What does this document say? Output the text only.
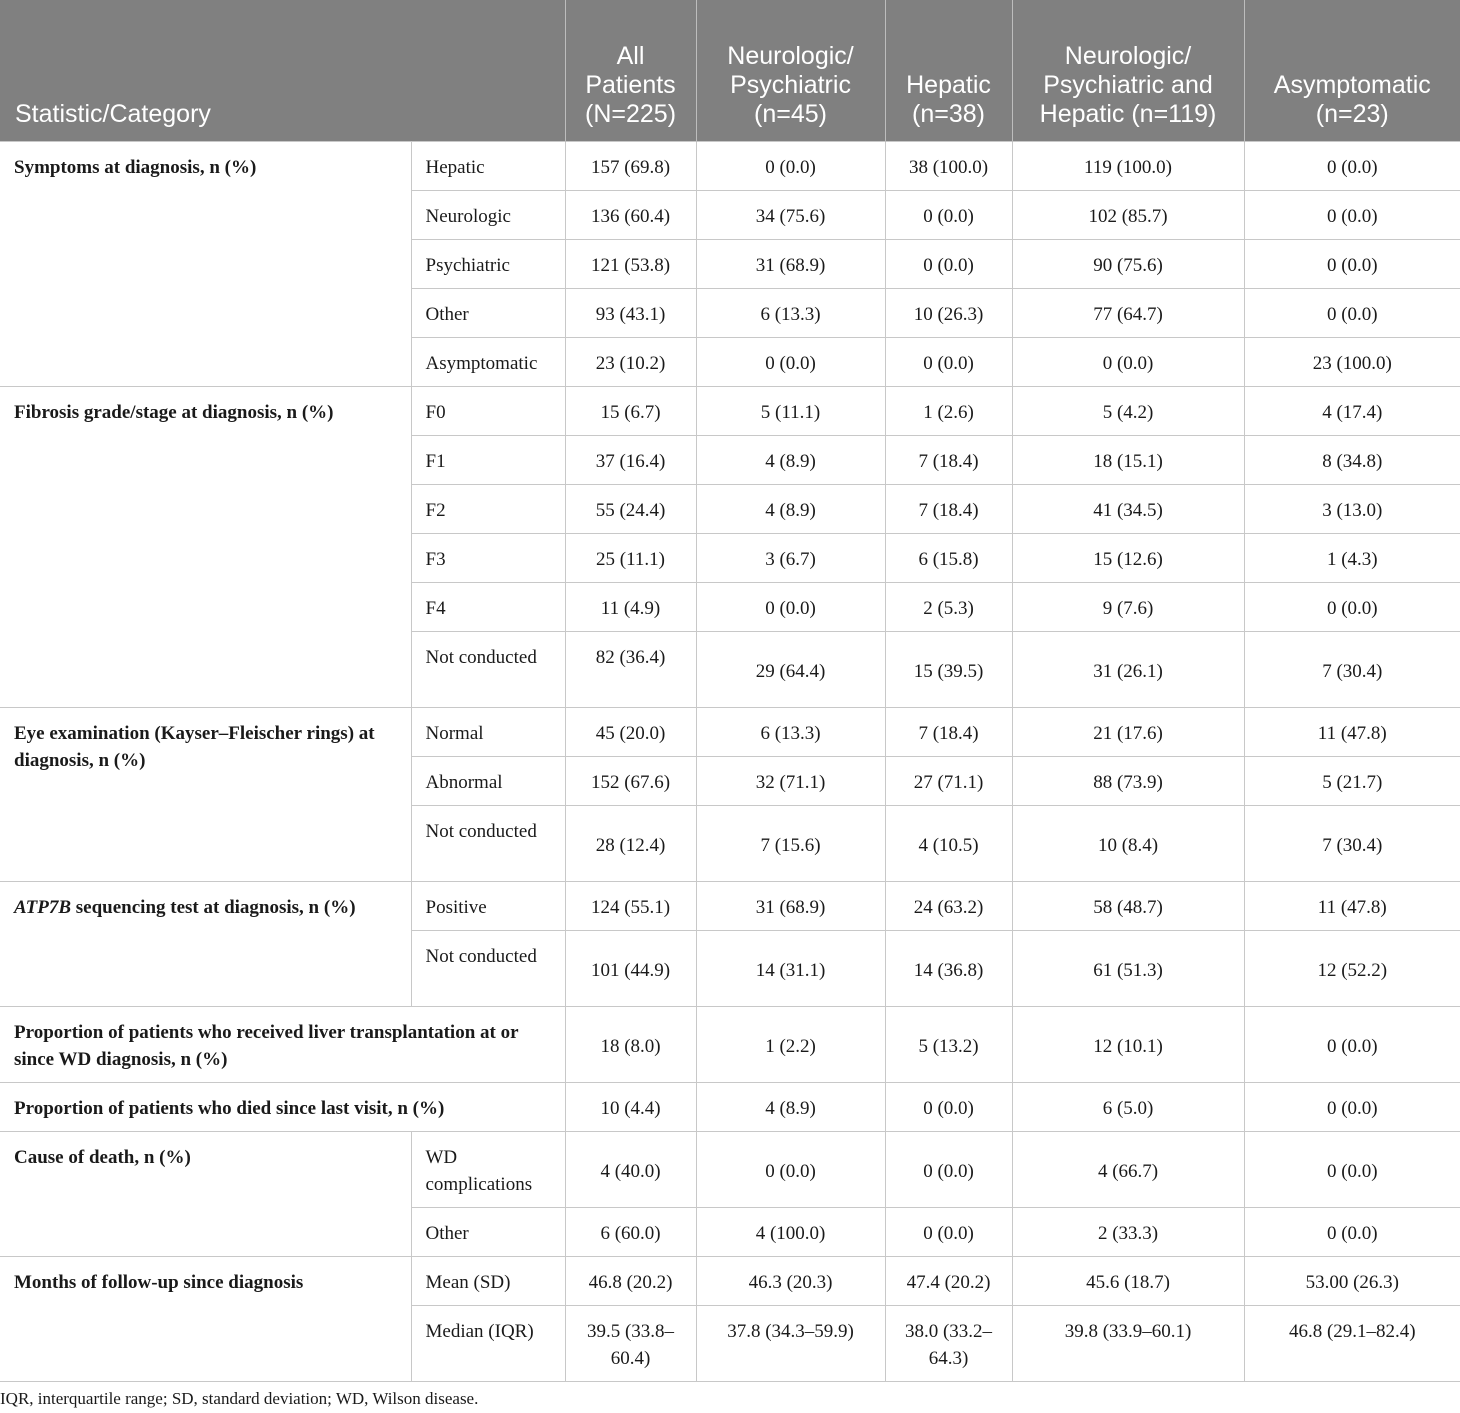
Statistic/Category		All Patients (N=225)	Neurologic/ Psychiatric (n=45)	Hepatic (n=38)	Neurologic/ Psychiatric and Hepatic (n=119)	Asymptomatic (n=23)
Symptoms at diagnosis, n (%)	Hepatic	157 (69.8)	0 (0.0)	38 (100.0)	119 (100.0)	0 (0.0)
	Neurologic	136 (60.4)	34 (75.6)	0 (0.0)	102 (85.7)	0 (0.0)
	Psychiatric	121 (53.8)	31 (68.9)	0 (0.0)	90 (75.6)	0 (0.0)
	Other	93 (43.1)	6 (13.3)	10 (26.3)	77 (64.7)	0 (0.0)
	Asymptomatic	23 (10.2)	0 (0.0)	0 (0.0)	0 (0.0)	23 (100.0)
Fibrosis grade/stage at diagnosis, n (%)	F0	15 (6.7)	5 (11.1)	1 (2.6)	5 (4.2)	4 (17.4)
	F1	37 (16.4)	4 (8.9)	7 (18.4)	18 (15.1)	8 (34.8)
	F2	55 (24.4)	4 (8.9)	7 (18.4)	41 (34.5)	3 (13.0)
	F3	25 (11.1)	3 (6.7)	6 (15.8)	15 (12.6)	1 (4.3)
	F4	11 (4.9)	0 (0.0)	2 (5.3)	9 (7.6)	0 (0.0)
	Not conducted	82 (36.4)	29 (64.4)	15 (39.5)	31 (26.1)	7 (30.4)
Eye examination (Kayser–Fleischer rings) at diagnosis, n (%)	Normal	45 (20.0)	6 (13.3)	7 (18.4)	21 (17.6)	11 (47.8)
	Abnormal	152 (67.6)	32 (71.1)	27 (71.1)	88 (73.9)	5 (21.7)
	Not conducted	28 (12.4)	7 (15.6)	4 (10.5)	10 (8.4)	7 (30.4)
ATP7B sequencing test at diagnosis, n (%)	Positive	124 (55.1)	31 (68.9)	24 (63.2)	58 (48.7)	11 (47.8)
	Not conducted	101 (44.9)	14 (31.1)	14 (36.8)	61 (51.3)	12 (52.2)
Proportion of patients who received liver transplantation at or since WD diagnosis, n (%)		18 (8.0)	1 (2.2)	5 (13.2)	12 (10.1)	0 (0.0)
Proportion of patients who died since last visit, n (%)		10 (4.4)	4 (8.9)	0 (0.0)	6 (5.0)	0 (0.0)
Cause of death, n (%)	WD complications	4 (40.0)	0 (0.0)	0 (0.0)	4 (66.7)	0 (0.0)
	Other	6 (60.0)	4 (100.0)	0 (0.0)	2 (33.3)	0 (0.0)
Months of follow-up since diagnosis	Mean (SD)	46.8 (20.2)	46.3 (20.3)	47.4 (20.2)	45.6 (18.7)	53.00 (26.3)
	Median (IQR)	39.5 (33.8–60.4)	37.8 (34.3–59.9)	38.0 (33.2–64.3)	39.8 (33.9–60.1)	46.8 (29.1–82.4)
IQR, interquartile range; SD, standard deviation; WD, Wilson disease.
